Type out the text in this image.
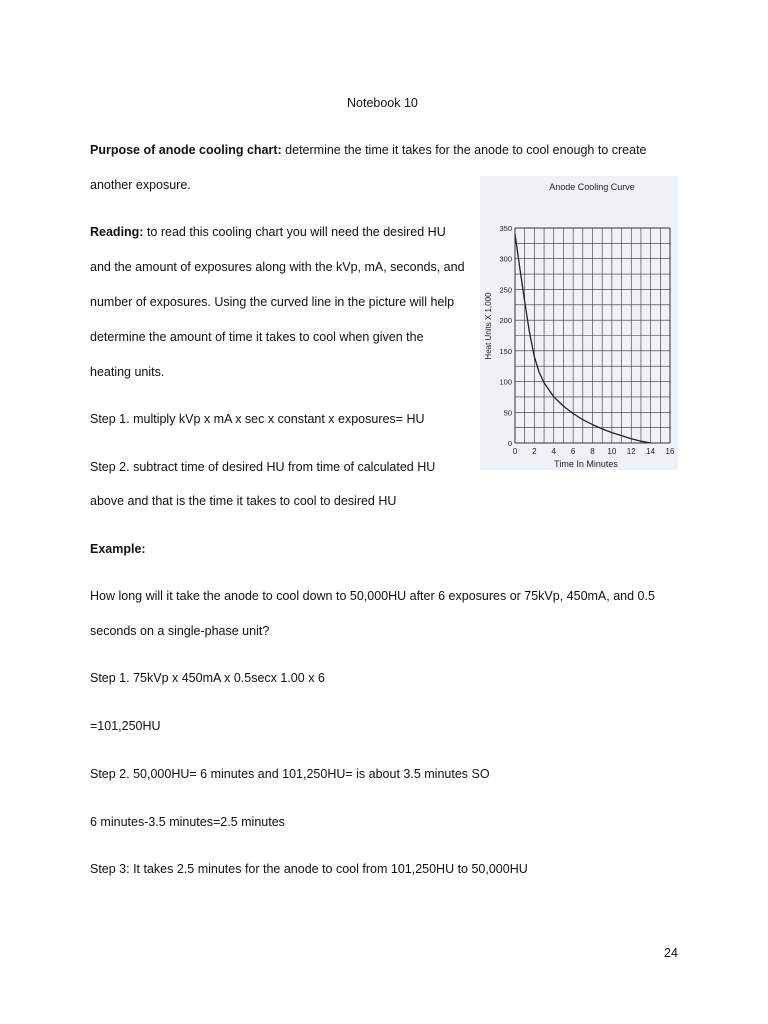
Notebook 10
Purpose of anode cooling chart: determine the time it takes for the anode to cool enough to create
another exposure.
Reading: to read this cooling chart you will need the desired HU
and the amount of exposures along with the kVp, mA, seconds, and
number of exposures. Using the curved line in the picture will help
determine the amount of time it takes to cool when given the
heating units.
Step 1. multiply kVp x mA x sec x constant x exposures= HU
Step 2. subtract time of desired HU from time of calculated HU
above and that is the time it takes to cool to desired HU
Example:
How long will it take the anode to cool down to 50,000HU after 6 exposures or 75kVp, 450mA, and 0.5
seconds on a single-phase unit?
Step 1. 75kVp x 450mA x 0.5secx 1.00 x 6
=101,250HU
Step 2. 50,000HU= 6 minutes and 101,250HU= is about 3.5 minutes SO
6 minutes-3.5 minutes=2.5 minutes
Step 3: It takes 2.5 minutes for the anode to cool from 101,250HU to 50,000HU
24
Anode Cooling Curve
0 2 4 6 8 10 12 14 16
0
50
100
150
200
250
300
350
Time In Minutes
Heat Units X 1,000
